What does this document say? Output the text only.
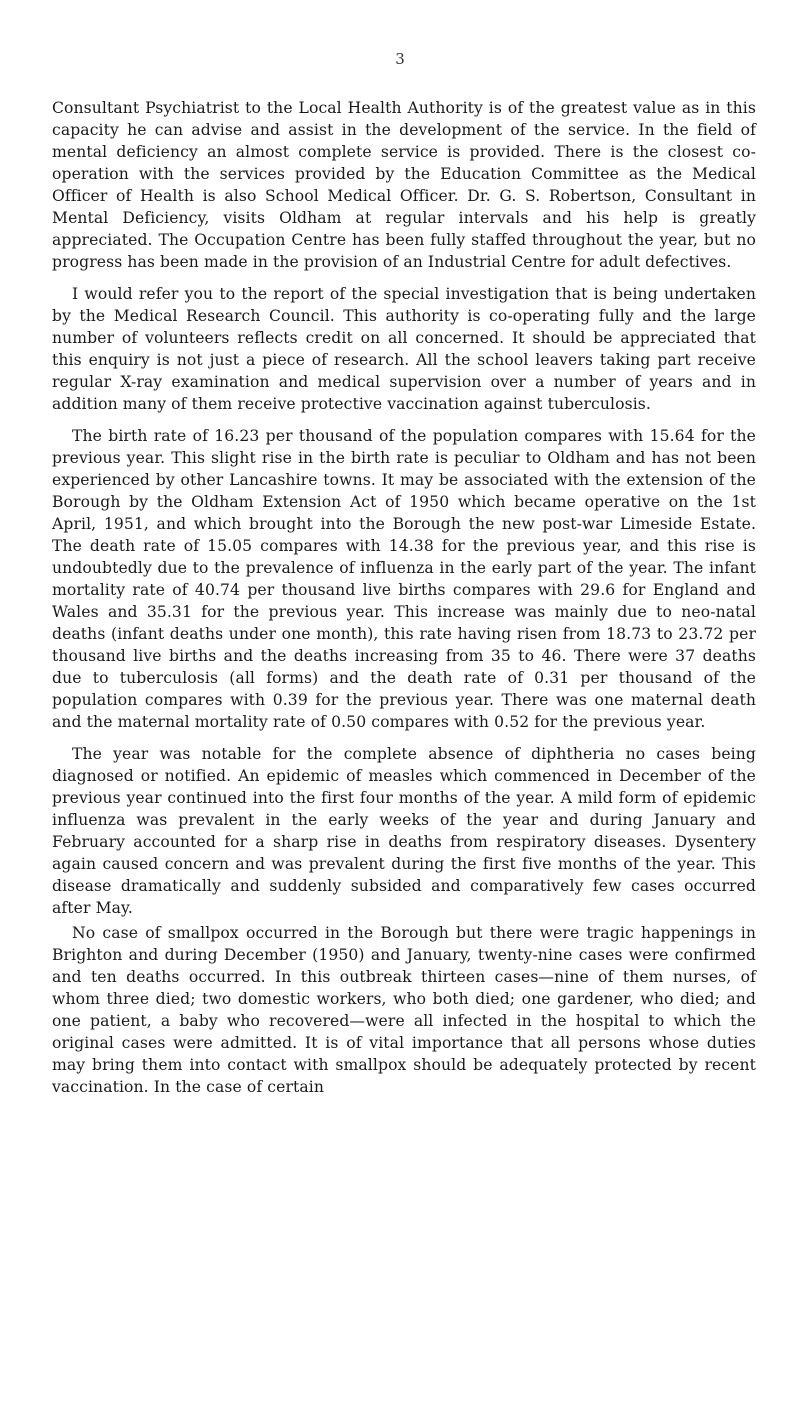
3

Consultant Psychiatrist to the Local Health Authority is of the greatest value as in this capacity he can advise and assist in the development of the service. In the field of mental deficiency an almost complete service is provided. There is the closest co-operation with the services provided by the Education Committee as the Medical Officer of Health is also School Medical Officer. Dr. G. S. Robertson, Consultant in Mental Deficiency, visits Oldham at regular intervals and his help is greatly appreciated. The Occupation Centre has been fully staffed throughout the year, but no progress has been made in the provision of an Industrial Centre for adult defectives.

I would refer you to the report of the special investigation that is being undertaken by the Medical Research Council. This authority is co-operating fully and the large number of volunteers reflects credit on all concerned. It should be appreciated that this enquiry is not just a piece of research. All the school leavers taking part receive regular X-ray examination and medical supervision over a number of years and in addition many of them receive protective vaccination against tuberculosis.

The birth rate of 16.23 per thousand of the population compares with 15.64 for the previous year. This slight rise in the birth rate is peculiar to Oldham and has not been experienced by other Lancashire towns. It may be associated with the extension of the Borough by the Oldham Extension Act of 1950 which became operative on the 1st April, 1951, and which brought into the Borough the new post-war Limeside Estate. The death rate of 15.05 compares with 14.38 for the previous year, and this rise is undoubtedly due to the prevalence of influenza in the early part of the year. The infant mortality rate of 40.74 per thousand live births compares with 29.6 for England and Wales and 35.31 for the previous year. This increase was mainly due to neo-natal deaths (infant deaths under one month), this rate having risen from 18.73 to 23.72 per thousand live births and the deaths increasing from 35 to 46. There were 37 deaths due to tuberculosis (all forms) and the death rate of 0.31 per thousand of the population compares with 0.39 for the previous year. There was one maternal death and the maternal mortality rate of 0.50 compares with 0.52 for the previous year.

The year was notable for the complete absence of diphtheria no cases being diagnosed or notified. An epidemic of measles which commenced in December of the previous year continued into the first four months of the year. A mild form of epidemic influenza was prevalent in the early weeks of the year and during January and February accounted for a sharp rise in deaths from respiratory diseases. Dysentery again caused concern and was prevalent during the first five months of the year. This disease dramatically and suddenly subsided and comparatively few cases occurred after May.

No case of smallpox occurred in the Borough but there were tragic happenings in Brighton and during December (1950) and January, twenty-nine cases were confirmed and ten deaths occurred. In this outbreak thirteen cases—nine of them nurses, of whom three died; two domestic workers, who both died; one gardener, who died; and one patient, a baby who recovered—were all infected in the hospital to which the original cases were admitted. It is of vital importance that all persons whose duties may bring them into contact with smallpox should be adequately protected by recent vaccination. In the case of certain
